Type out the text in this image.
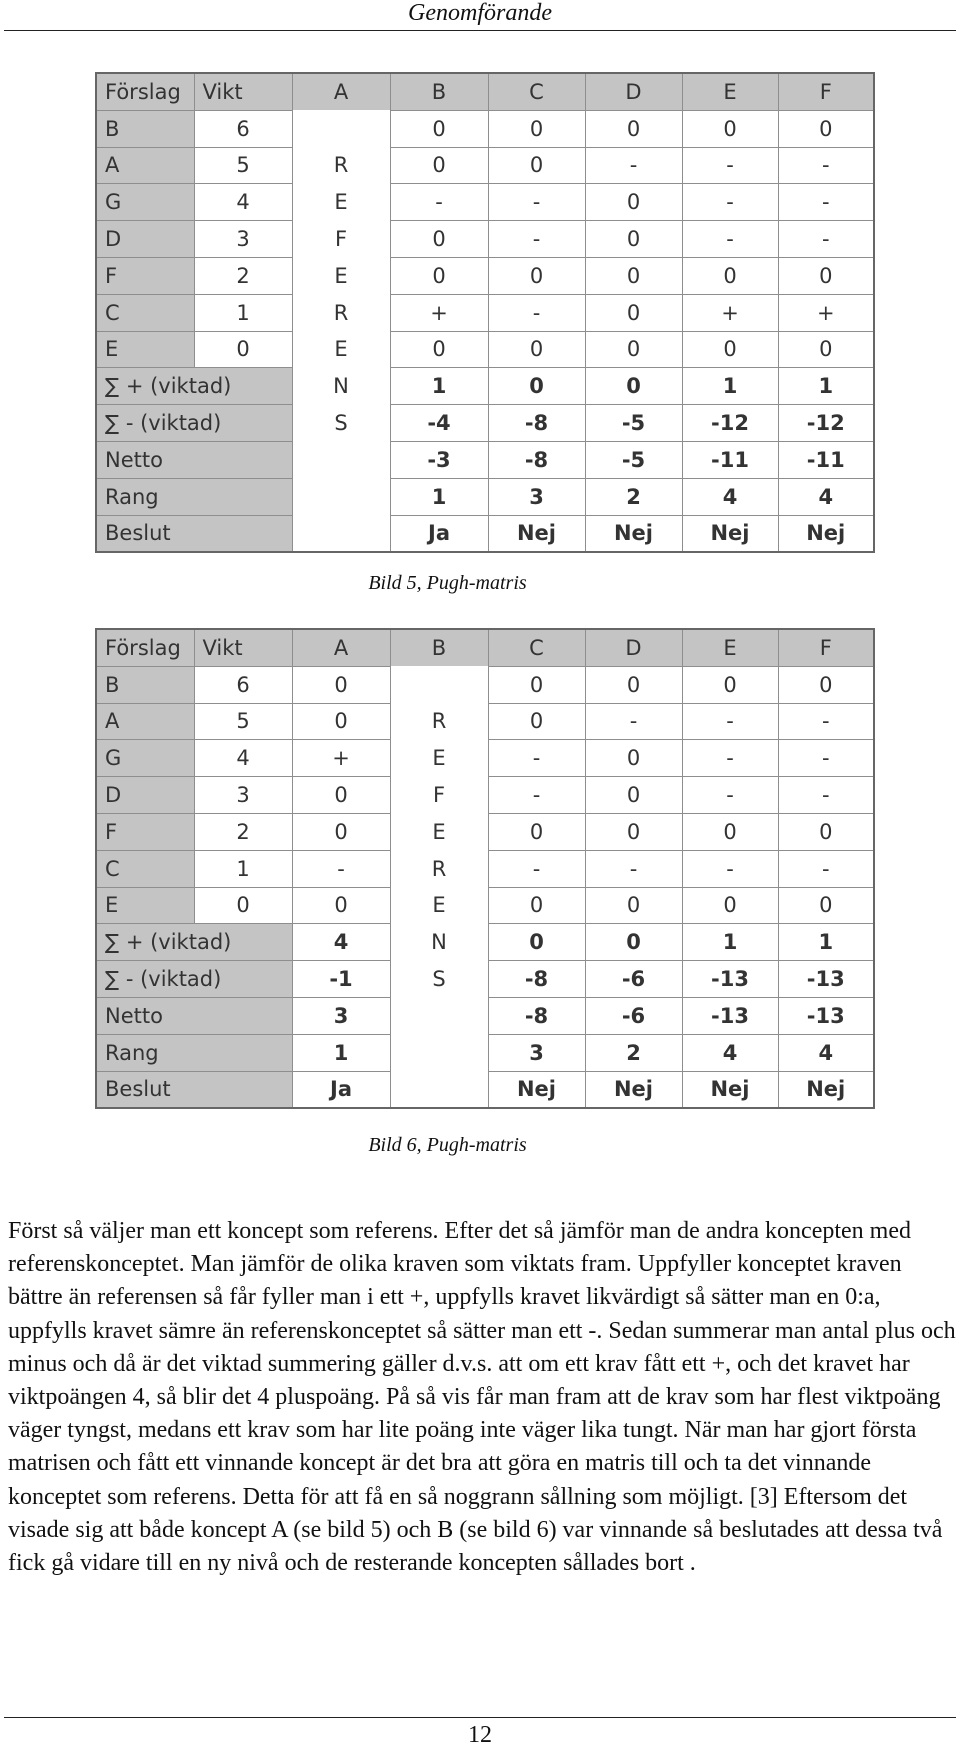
Genomförande
Förslag	Vikt	A	B	C	D	E	F
B	6		0	0	0	0	0
A	5	R	0	0	-	-	-
G	4	E	-	-	0	-	-
D	3	F	0	-	0	-	-
F	2	E	0	0	0	0	0
C	1	R	+	-	0	+	+
E	0	E	0	0	0	0	0
∑ + (viktad)		N	1	0	0	1	1
∑ - (viktad)		S	-4	-8	-5	-12	-12
Netto			-3	-8	-5	-11	-11
Rang			1	3	2	4	4
Beslut			Ja	Nej	Nej	Nej	Nej
Bild 5, Pugh-matris
Förslag	Vikt	A	B	C	D	E	F
B	6	0		0	0	0	0
A	5	0	R	0	-	-	-
G	4	+	E	-	0	-	-
D	3	0	F	-	0	-	-
F	2	0	E	0	0	0	0
C	1	-	R	-	-	-	-
E	0	0	E	0	0	0	0
∑ + (viktad)		4	N	0	0	1	1
∑ - (viktad)		-1	S	-8	-6	-13	-13
Netto		3		-8	-6	-13	-13
Rang		1		3	2	4	4
Beslut		Ja		Nej	Nej	Nej	Nej
Bild 6, Pugh-matris

Först så väljer man ett koncept som referens. Efter det så jämför man de andra koncepten med referenskonceptet. Man jämför de olika kraven som viktats fram. Uppfyller konceptet kraven bättre än referensen så får fyller man i ett +, uppfylls kravet likvärdigt så sätter man en 0:a, uppfylls kravet sämre än referenskonceptet så sätter man ett -. Sedan summerar man antal plus och minus och då är det viktad summering gäller d.v.s. att om ett krav fått ett +, och det kravet har viktpoängen 4, så blir det 4 pluspoäng. På så vis får man fram att de krav som har flest viktpoäng väger tyngst, medans ett krav som har lite poäng inte väger lika tungt. När man har gjort första matrisen och fått ett vinnande koncept är det bra att göra en matris till och ta det vinnande konceptet som referens. Detta för att få en så noggrann sållning som möjligt. [3] Eftersom det visade sig att både koncept A (se bild 5) och B (se bild 6) var vinnande så beslutades att dessa två fick gå vidare till en ny nivå och de resterande koncepten sållades bort .

12
